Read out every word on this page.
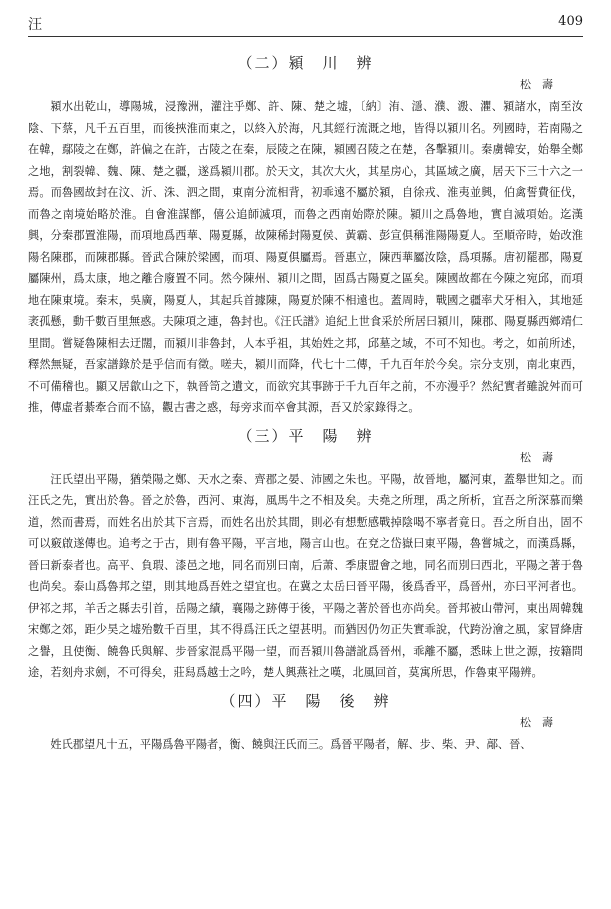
汪	409
（二）潁　川　辨
松　壽

潁水出乾山，導陽城，浸豫洲，灌注乎鄭、許、陳、楚之墟，〔納〕洧、濦、濮、溵、灈、潁諸水，南至汝陰、下蔡，凡千五百里，而後挾淮而東之，以終入於海，凡其經行流溉之地，皆得以潁川名。列國時，若南陽之在韓，鄢陵之在鄭，許偏之在許，古陵之在秦，辰陵之在陳，潁國召陵之在楚，各擊潁川。秦虜韓安，始舉全鄭之地，割裂韓、魏、陳、楚之疆，遂爲潁川郡。於天文，其次大火，其星房心，其區域之廣，居天下三十六之一焉。而魯國故封在汶、沂、洙、泗之間，東南分流相背，初乖遠不屬於潁，自徐戎、淮夷並興，伯禽誓費征伐，而魯之南境始略於淮。自會淮謀鄫，僖公追師滅項，而魯之西南始際於陳。潁川之爲魯地，實自滅項始。迄漢興，分秦郡置淮陽，而項地爲西華、陽夏縣，故陳稀封陽夏侯、黃霸、彭宣俱稱淮陽陽夏人。至順帝時，始改淮陽名陳郡，而陳郡縣。晉武合陳於梁國，而項、陽夏俱屬焉。晉惠立，陳西華屬汝陰，爲項縣。唐初罷郡，陽夏屬陳州，爲太康，地之離合廢置不同。然今陳州、潁川之間，固爲古陽夏之區矣。陳國故都在今陳之宛邱，而項地在陳東境。秦末，吳廣，陽夏人，其起兵首據陳，陽夏於陳不相遠也。蓋周時，戰國之疆率犬牙相入，其地延袤孤懸，動千數百里無惑。夫陳項之連，魯封也。《汪氏譜》追紀上世食采於所居曰潁川，陳郡、陽夏縣西鄉靖仁里間。嘗疑魯陳相去迂闊，而潁川非魯封，人本乎祖，其始姓之邦，邱墓之域，不可不知也。考之，如前所述，釋然無疑，吾家譜錄於是乎信而有徵。嗟夫，潁川而降，代七十二傳，千九百年於今矣。宗分支別，南北東西，不可備稽也。顯又居歙山之下，執晉笥之遺文，而欲究其事跡于千九百年之前，不亦漫乎？然紀實者雖說舛而可推，傳虛者綦牽合而不協，觀古書之惑，每旁求而卒會其源，吾又於家錄得之。

（三）平　陽　辨
松　壽

汪氏望出平陽，猶榮陽之鄭、天水之秦、齊郡之晏、沛國之朱也。平陽，故晉地，屬河東，蓋舉世知之。而汪氏之先，實出於魯。晉之於魯，西河、東海，風馬牛之不相及矣。夫堯之所理，禹之所析，宜吾之所深慕而樂道，然而書焉，而姓名出於其下言焉，而姓名出於其間，則必有想慙感戰掉陰喝不寧者竟日。吾之所自出，固不可以竅啟遂傳也。追考之于古，則有魯平陽，平言地，陽言山也。在兗之岱嶽曰東平陽，魯嘗城之，而漢爲縣，晉曰新泰者也。高平、負瑕、漆邑之地，同名而別曰南，后萧、季康盟會之地，同名而別曰西北，平陽之著于魯也尚矣。泰山爲魯邦之望，則其地爲吾姓之望宜也。在冀之太岳曰晉平陽，後爲香平，爲晉州，亦曰平河者也。伊祁之邦，羊舌之縣去引首，岳陽之績，襄陽之跡傳于後，平陽之著於晉也亦尚矣。晉邦被山帶河，東出周韓魏宋鄭之郊，距少昊之墟殆數千百里，其不得爲汪氏之望甚明。而猶因仍勿正失實乖說，代跨汾澮之風，家冒絳唐之譽，且使衡、饒魯氏與解、步晉家混爲平陽一望，而吾潁川魯譜訛爲晉州，乖離不屬，悉昧上世之源，按籍問途，若刻舟求劍，不可得矣，莊舄爲越士之吟，楚人興燕社之嘆，北風回首，莫寓所思，作魯東平陽辨。

（四）平　陽　後　辨
松　壽

姓氏郡望凡十五，平陽爲魯平陽者，衡、饒與汪氏而三。爲晉平陽者，解、步、柴、尹、鄗、晉、
